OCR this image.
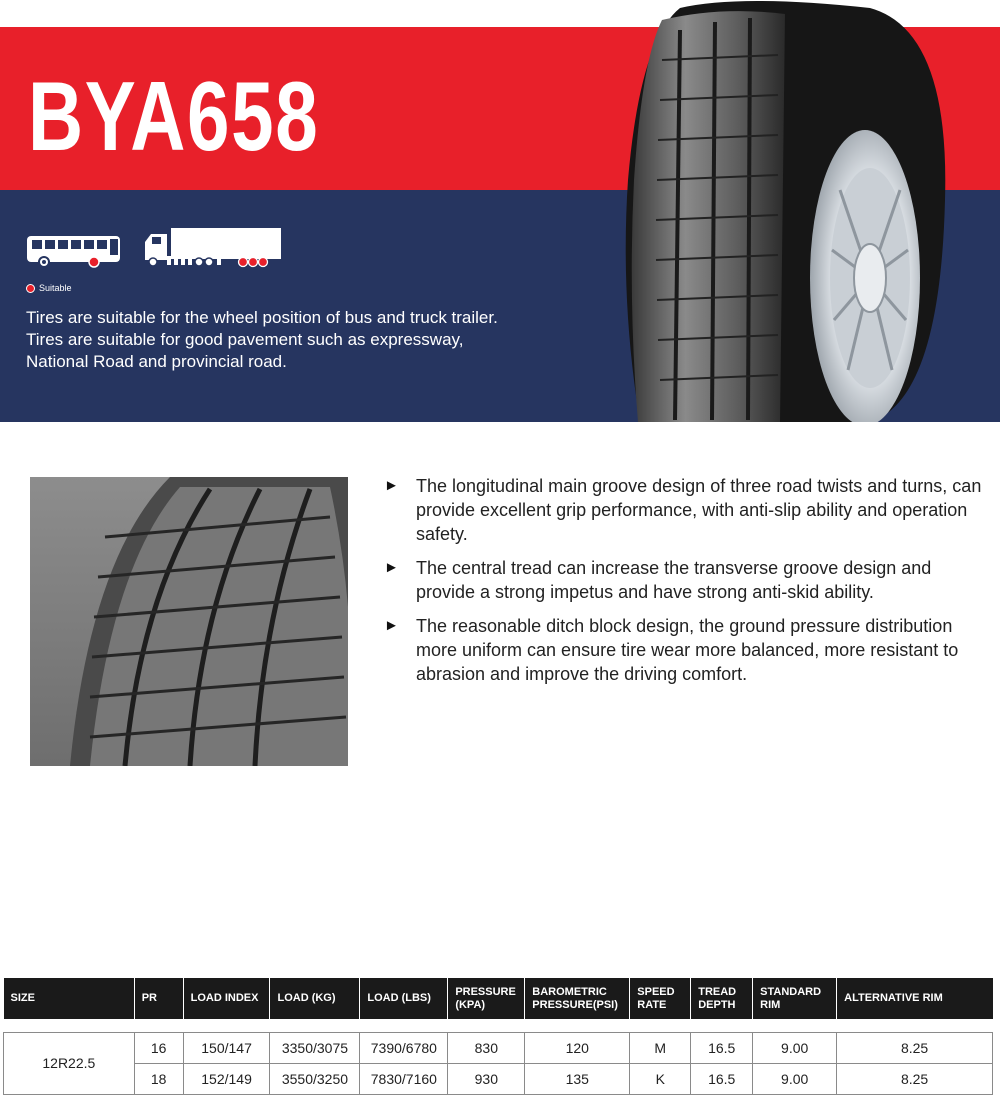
BYA658
Suitable

Tires are suitable for the wheel position of bus and truck trailer.

Tires are suitable for good pavement such as expressway,

National Road and provincial road.

► The longitudinal main groove design of three road twists and turns, can provide excellent grip performance, with anti-slip ability and operation safety.
► The central tread can increase the transverse groove design and provide a strong impetus and have strong anti-skid ability.
► The reasonable ditch block design, the ground pressure distribution more uniform can ensure tire wear more balanced, more resistant to abrasion and improve the driving comfort.
SIZE	PR	LOAD INDEX	LOAD (KG)	LOAD (LBS)	PRESSURE (KPA)	BAROMETRIC PRESSURE(PSI)	SPEED RATE	TREAD DEPTH	STANDARD RIM	ALTERNATIVE RIM

12R22.5	16	150/147	3350/3075	7390/6780	830	120	M	16.5	9.00	8.25
	18	152/149	3550/3250	7830/7160	930	135	K	16.5	9.00	8.25
